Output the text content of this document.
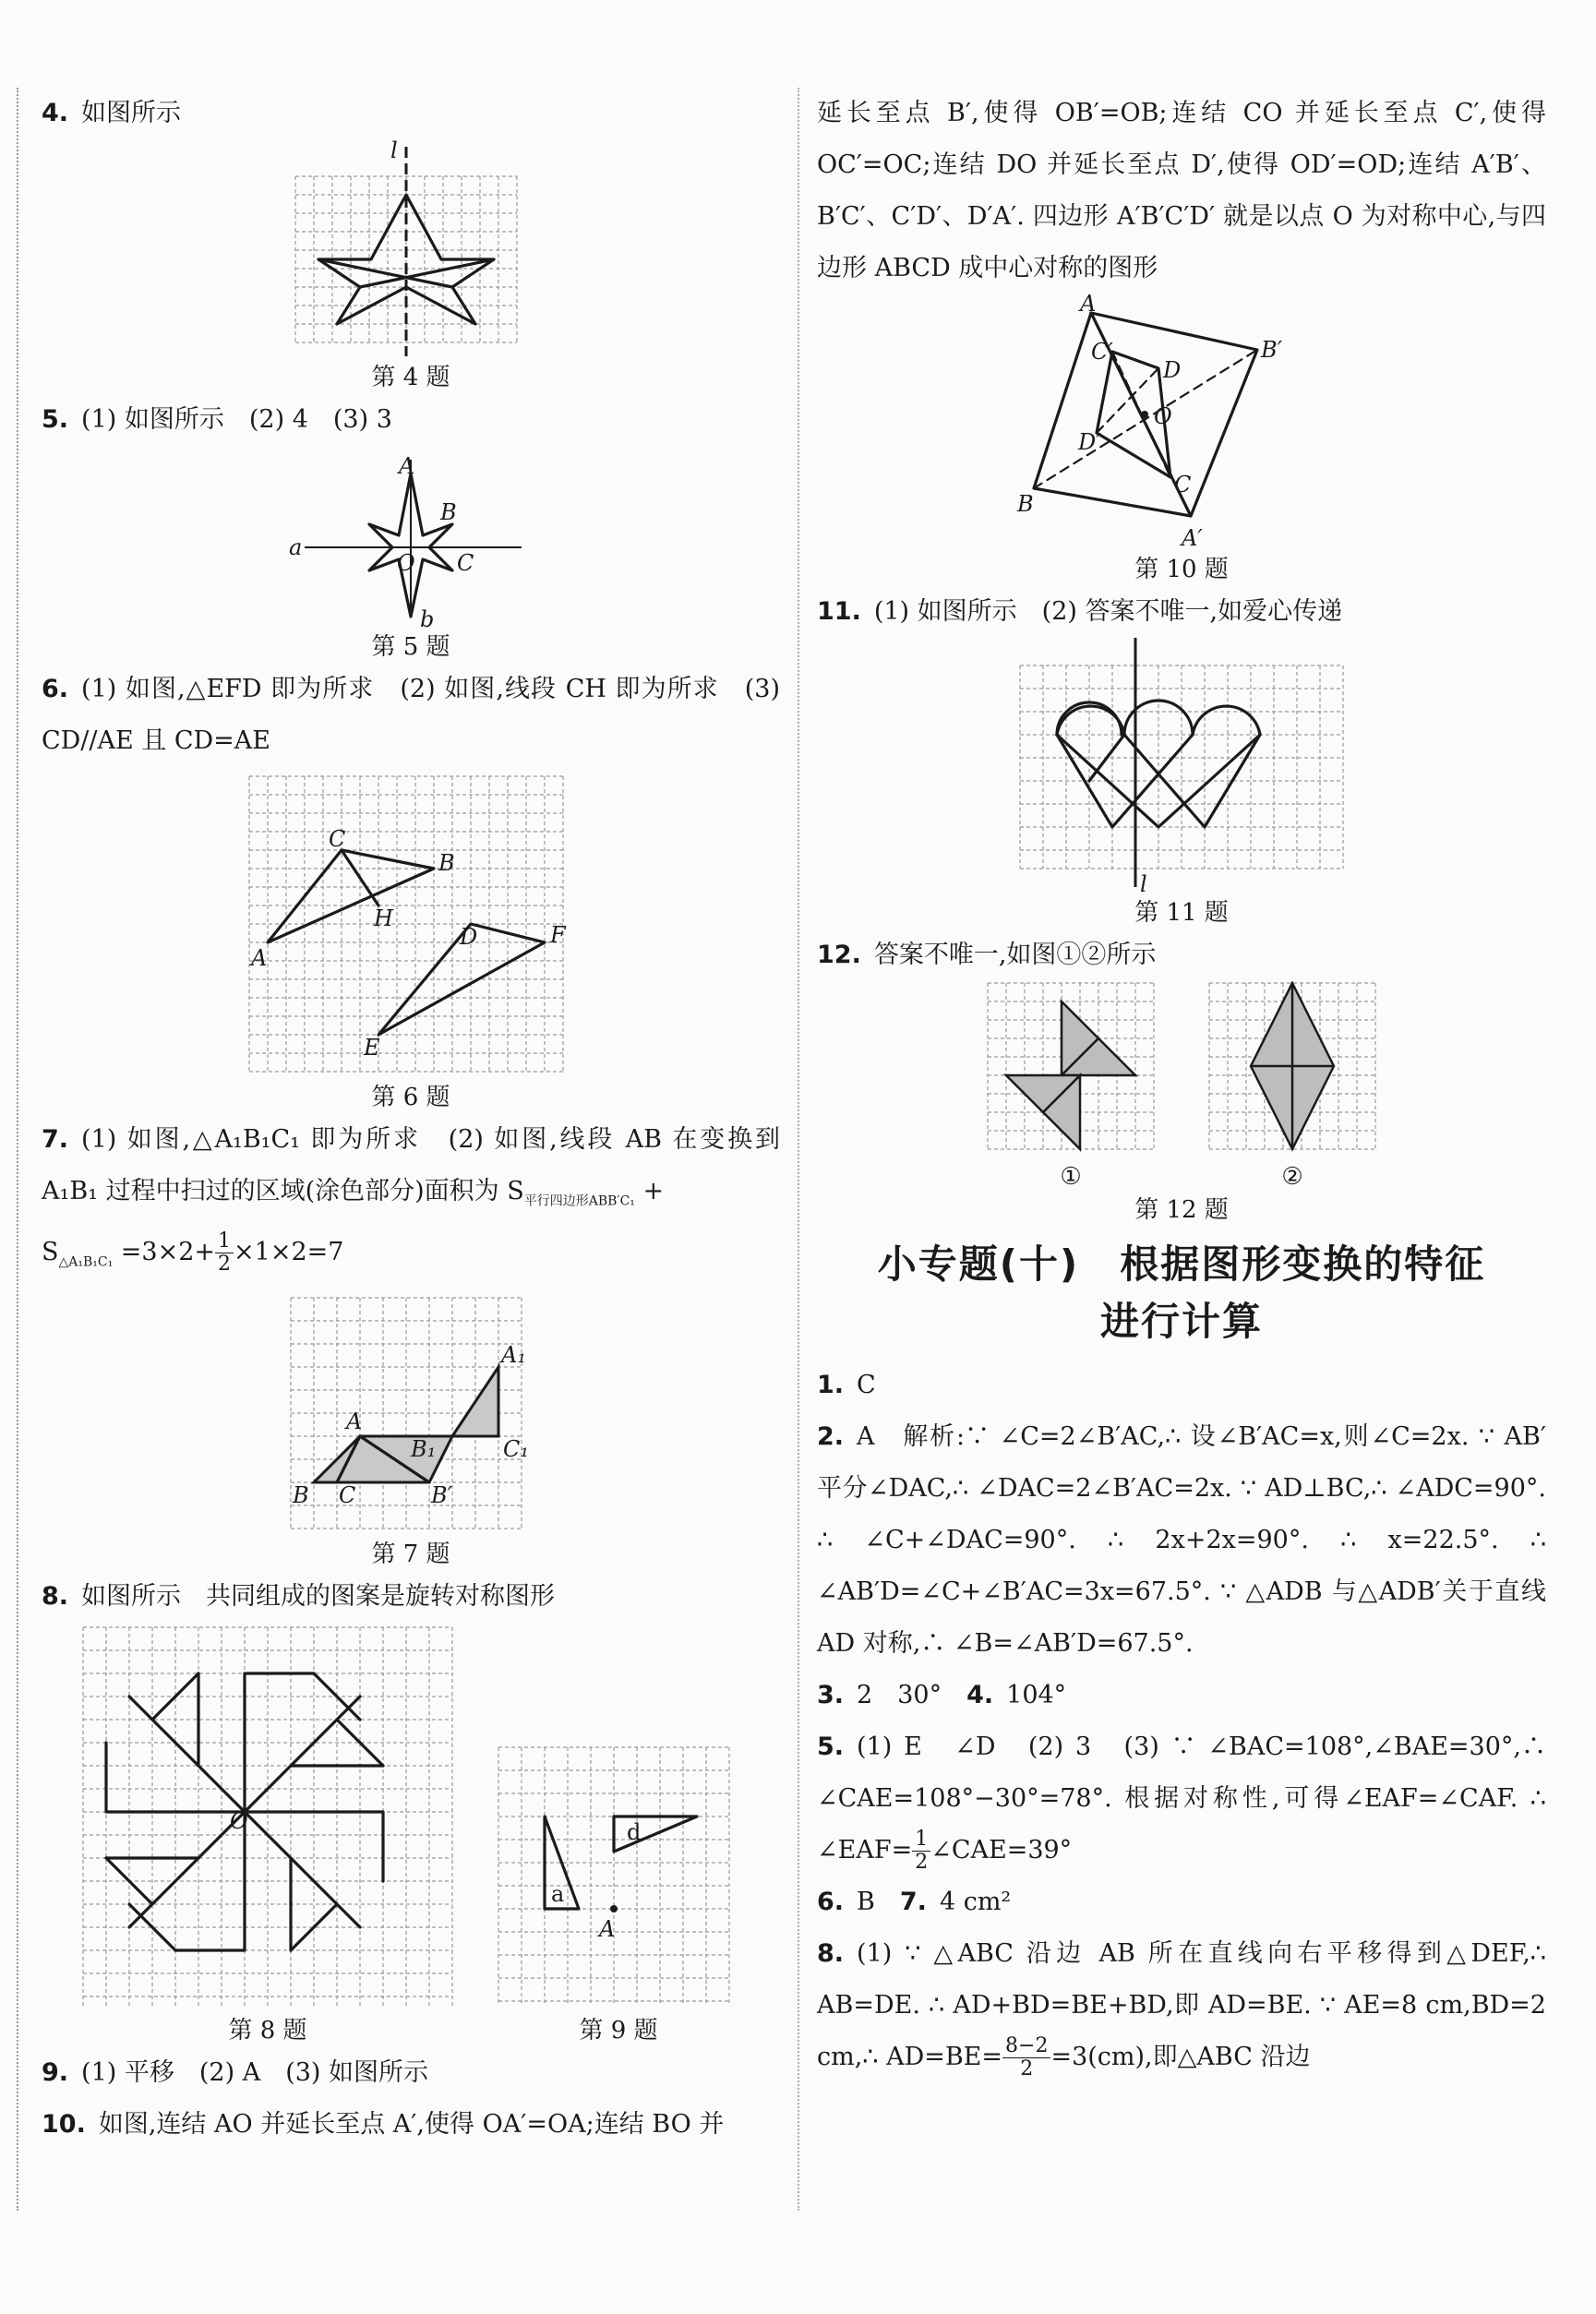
4. 如图所示

l

第 4 题

5. (1) 如图所示　(2) 4　(3) 3

A
B
a
O C
b

第 5 题

6. (1) 如图,△EFD 即为所求　(2) 如图,线段 CH 即为所求　(3) CD//AE 且 CD=AE

C
B
H
A
D	F
E

第 6 题

7. (1) 如图,△A₁B₁C₁ 即为所求　(2) 如图,线段 AB 在变换到 A₁B₁ 过程中扫过的区域(涂色部分)面积为 $S_{平行四边形ABB'C_1}$ +
$S_{\triangle A_1B_1C_1} =3\times 2+ \frac{1}{2} \times 1\times 2=7$

A₁
A
B₁	C₁
B C	B′

第 7 题

8. 如图所示　共同组成的图案是旋转对称图形

O

第 8 题

a
d
A

第 9 题

9. (1) 平移　(2) A　(3) 如图所示

10. 如图,连结 AO 并延长至点 A′,使得 OA′=OA;连结 BO 并

延长至点 B′,使得 OB′=OB;连结 CO 并延长至点 C′,使得 OC′=OC;连结 DO 并延长至点 D′,使得 OD′=OD;连结 A′B′、B′C′、C′D′、D′A′. 四边形 A′B′C′D′ 就是以点 O 为对称中心,与四边形 ABCD 成中心对称的图形

A
C′
D
B′
O
D′
B
C
A′

第 10 题

11. (1) 如图所示　(2) 答案不唯一,如爱心传递

l

第 11 题

12. 答案不唯一,如图①②所示

①	②

第 12 题

小专题(十)　根据图形变换的特征
进行计算

1. C

2. A　解析:∵ ∠C=2∠B′AC,∴ 设∠B′AC=x,则∠C=2x. ∵ AB′平分∠DAC,∴ ∠DAC=2∠B′AC=2x. ∵ AD⊥BC,∴ ∠ADC=90°. ∴ ∠C+∠DAC=90°. ∴ 2x+2x=90°. ∴ x=22.5°. ∴ ∠AB′D=∠C+∠B′AC=3x=67.5°. ∵ △ADB 与△ADB′关于直线 AD 对称,∴ ∠B=∠AB′D=67.5°.

3. 2　30°　 4. 104°

5. (1) E　∠D　(2) 3　(3) ∵ ∠BAC=108°,∠BAE=30°,∴ ∠CAE=108°−30°=78°. 根据对称性,可得∠EAF=∠CAF. ∴ ∠EAF= $\frac{1}{2}$ ∠CAE=39°

6. B　 7. 4 cm²

8. (1) ∵ △ABC 沿边 AB 所在直线向右平移得到△DEF,∴ AB=DE. ∴ AD+BD=BE+BD,即 AD=BE. ∵ AE=8 cm,BD=2 cm,∴ $AD=BE= \frac{8-2}{2} =3(cm)$,即△ABC 沿边
